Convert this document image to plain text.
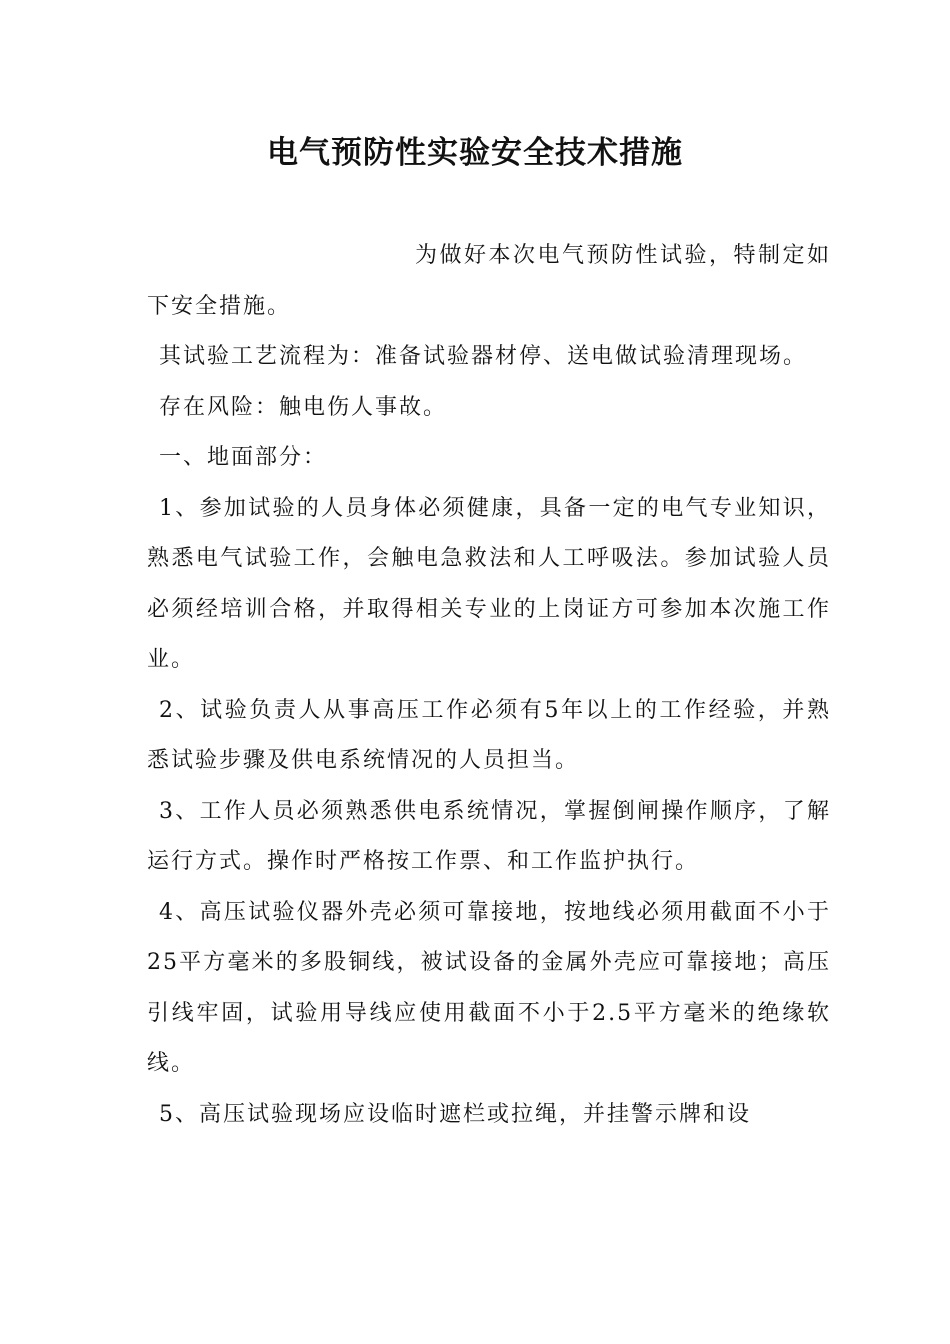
电气预防性实验安全技术措施

为做好本次电气预防性试验，特制定如下安全措施。

其试验工艺流程为：准备试验器材停、送电做试验清理现场。

存在风险：触电伤人事故。

一、地面部分：

1、参加试验的人员身体必须健康，具备一定的电气专业知识，熟悉电气试验工作，会触电急救法和人工呼吸法。参加试验人员必须经培训合格，并取得相关专业的上岗证方可参加本次施工作业。

2、试验负责人从事高压工作必须有5年以上的工作经验，并熟悉试验步骤及供电系统情况的人员担当。

3、工作人员必须熟悉供电系统情况，掌握倒闸操作顺序，了解运行方式。操作时严格按工作票、和工作监护执行。

4、高压试验仪器外壳必须可靠接地，按地线必须用截面不小于25平方毫米的多股铜线，被试设备的金属外壳应可靠接地；高压引线牢固，试验用导线应使用截面不小于2.5平方毫米的绝缘软线。

5、高压试验现场应设临时遮栏或拉绳，并挂警示牌和设
